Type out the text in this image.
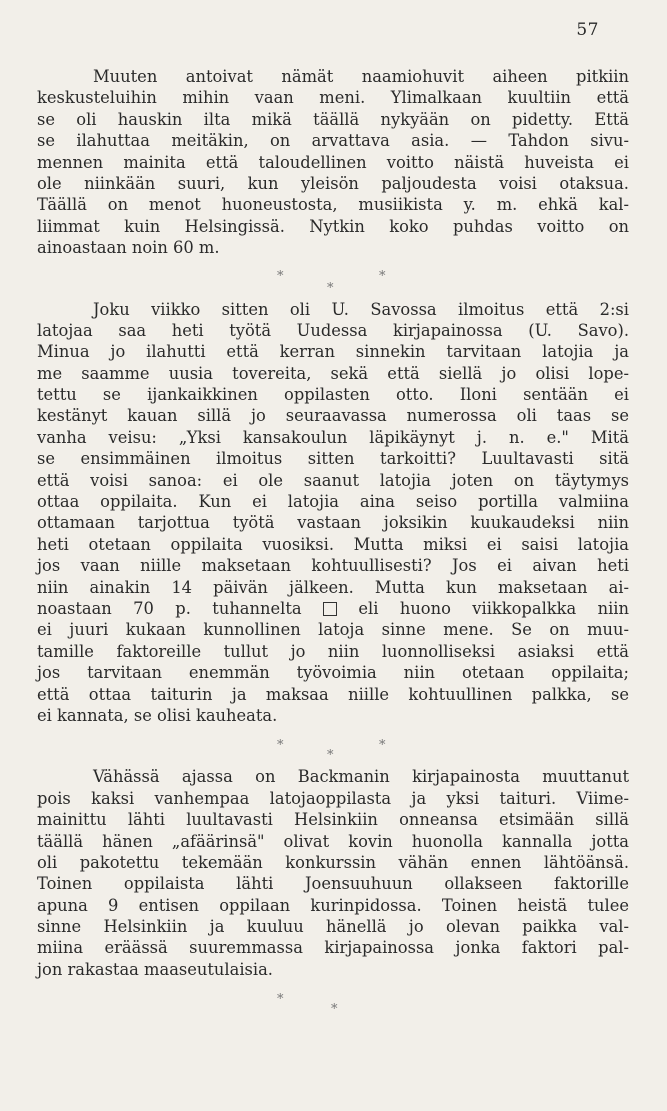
57
Muuten antoivat nämät naamiohuvit aiheen pitkiin
keskusteluihin mihin vaan meni. Ylimalkaan kuultiin että
se oli hauskin ilta mikä täällä nykyään on pidetty. Että
se ilahuttaa meitäkin, on arvattava asia. — Tahdon sivu-
mennen mainita että taloudellinen voitto näistä huveista ei
ole niinkään suuri, kun yleisön paljoudesta voisi otaksua.
Täällä on menot huoneustosta, musiikista y. m. ehkä kal-
liimmat kuin Helsingissä. Nytkin koko puhdas voitto on
ainoastaan noin 60 m.
*
*
*
Joku viikko sitten oli U. Savossa ilmoitus että 2:si
latojaa saa heti työtä Uudessa kirjapainossa (U. Savo).
Minua jo ilahutti että kerran sinnekin tarvitaan latojia ja
me saamme uusia tovereita, sekä että siellä jo olisi lope-
tettu se ijankaikkinen oppilasten otto. Iloni sentään ei
kestänyt kauan sillä jo seuraavassa numerossa oli taas se
vanha veisu: „Yksi kansakoulun läpikäynyt j. n. e." Mitä
se ensimmäinen ilmoitus sitten tarkoitti? Luultavasti sitä
että voisi sanoa: ei ole saanut latojia joten on täytymys
ottaa oppilaita. Kun ei latojia aina seiso portilla valmiina
ottamaan tarjottua työtä vastaan joksikin kuukaudeksi niin
heti otetaan oppilaita vuosiksi. Mutta miksi ei saisi latojia
jos vaan niille maksetaan kohtuullisesti? Jos ei aivan heti
niin ainakin 14 päivän jälkeen. Mutta kun maksetaan ai-
noastaan 70 p. tuhannelta	eli huono viikkopalkka niin
ei juuri kukaan kunnollinen latoja sinne mene. Se on muu-
tamille faktoreille tullut jo niin luonnolliseksi asiaksi että
jos tarvitaan enemmän työvoimia niin otetaan oppilaita;
että ottaa taiturin ja maksaa niille kohtuullinen palkka, se
ei kannata, se olisi kauheata.
*
*
*
Vähässä ajassa on Backmanin kirjapainosta muuttanut
pois kaksi vanhempaa latojaoppilasta ja yksi taituri. Viime-
mainittu lähti luultavasti Helsinkiin onneansa etsimään sillä
täällä hänen „afäärinsä" olivat kovin huonolla kannalla jotta
oli pakotettu tekemään konkurssin vähän ennen lähtöänsä.
Toinen oppilaista lähti Joensuuhuun ollakseen faktorille
apuna 9 entisen oppilaan kurinpidossa. Toinen heistä tulee
sinne Helsinkiin ja kuuluu hänellä jo olevan paikka val-
miina eräässä suuremmassa kirjapainossa jonka faktori pal-
jon rakastaa maaseutulaisia.
*
*
